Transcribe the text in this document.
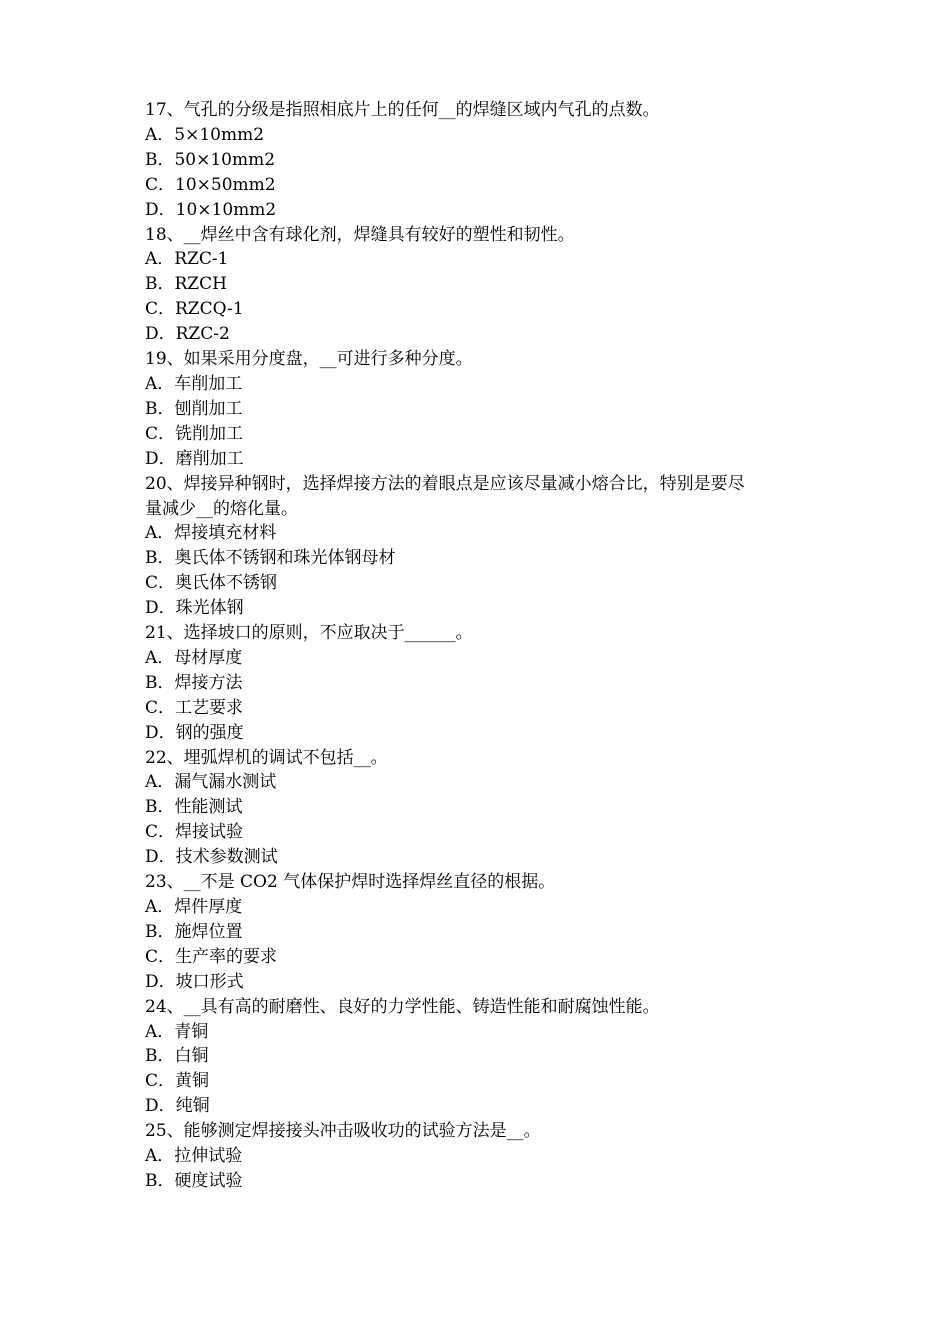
17、气孔的分级是指照相底片上的任何__的焊缝区域内气孔的点数。
A．5×10mm2
B．50×10mm2
C．10×50mm2
D．10×10mm2
18、__焊丝中含有球化剂，焊缝具有较好的塑性和韧性。
A．RZC-1
B．RZCH
C．RZCQ-1
D．RZC-2
19、如果采用分度盘，__可进行多种分度。
A．车削加工
B．刨削加工
C．铣削加工
D．磨削加工
20、焊接异种钢时，选择焊接方法的着眼点是应该尽量减小熔合比，特别是要尽
量减少__的熔化量。
A．焊接填充材料
B．奥氏体不锈钢和珠光体钢母材
C．奥氏体不锈钢
D．珠光体钢
21、选择坡口的原则，不应取决于______。
A．母材厚度
B．焊接方法
C．工艺要求
D．钢的强度
22、埋弧焊机的调试不包括__。
A．漏气漏水测试
B．性能测试
C．焊接试验
D．技术参数测试
23、__不是 CO2 气体保护焊时选择焊丝直径的根据。
A．焊件厚度
B．施焊位置
C．生产率的要求
D．坡口形式
24、__具有高的耐磨性、良好的力学性能、铸造性能和耐腐蚀性能。
A．青铜
B．白铜
C．黄铜
D．纯铜
25、能够测定焊接接头冲击吸收功的试验方法是__。
A．拉伸试验
B．硬度试验
